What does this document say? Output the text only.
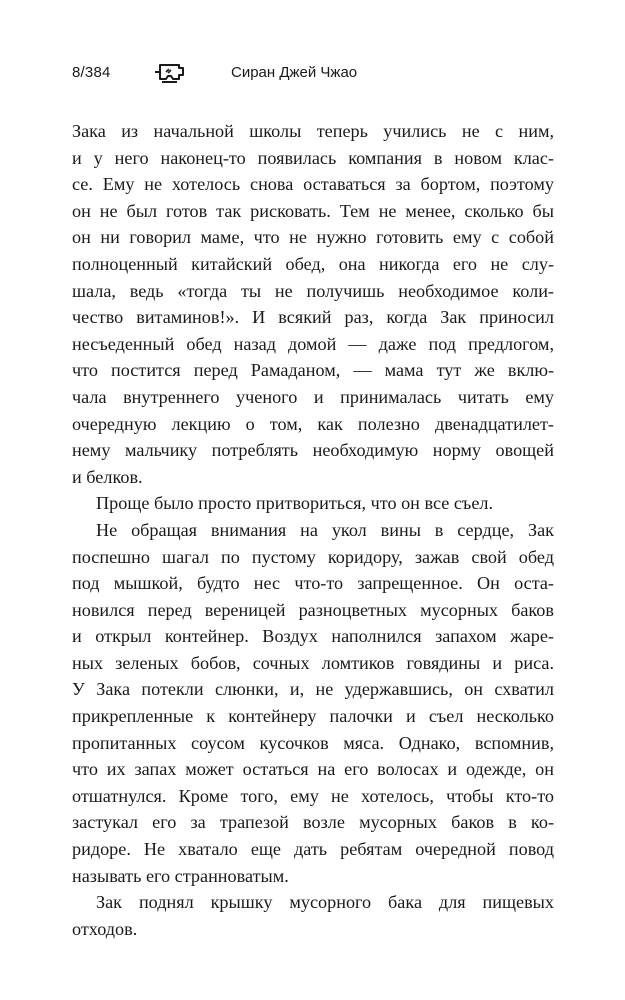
8/384	Сиран Джей Чжао
Зака из начальной школы теперь учились не с ним,
и у него наконец-то появилась компания в новом клас-
се. Ему не хотелось снова оставаться за бортом, поэтому
он не был готов так рисковать. Тем не менее, сколько бы
он ни говорил маме, что не нужно готовить ему с собой
полноценный китайский обед, она никогда его не слу-
шала, ведь «тогда ты не получишь необходимое коли-
чество витаминов!». И всякий раз, когда Зак приносил
несъеденный обед назад домой — даже под предлогом,
что постится перед Рамаданом, — мама тут же вклю-
чала внутреннего ученого и принималась читать ему
очередную лекцию о том, как полезно двенадцатилет-
нему мальчику потреблять необходимую норму овощей
и белков.
Проще было просто притвориться, что он все съел.
Не обращая внимания на укол вины в сердце, Зак
поспешно шагал по пустому коридору, зажав свой обед
под мышкой, будто нес что-то запрещенное. Он оста-
новился перед вереницей разноцветных мусорных баков
и открыл контейнер. Воздух наполнился запахом жаре-
ных зеленых бобов, сочных ломтиков говядины и риса.
У Зака потекли слюнки, и, не удержавшись, он схватил
прикрепленные к контейнеру палочки и съел несколько
пропитанных соусом кусочков мяса. Однако, вспомнив,
что их запах может остаться на его волосах и одежде, он
отшатнулся. Кроме того, ему не хотелось, чтобы кто-то
застукал его за трапезой возле мусорных баков в ко-
ридоре. Не хватало еще дать ребятам очередной повод
называть его странноватым.
Зак поднял крышку мусорного бака для пищевых
отходов.
